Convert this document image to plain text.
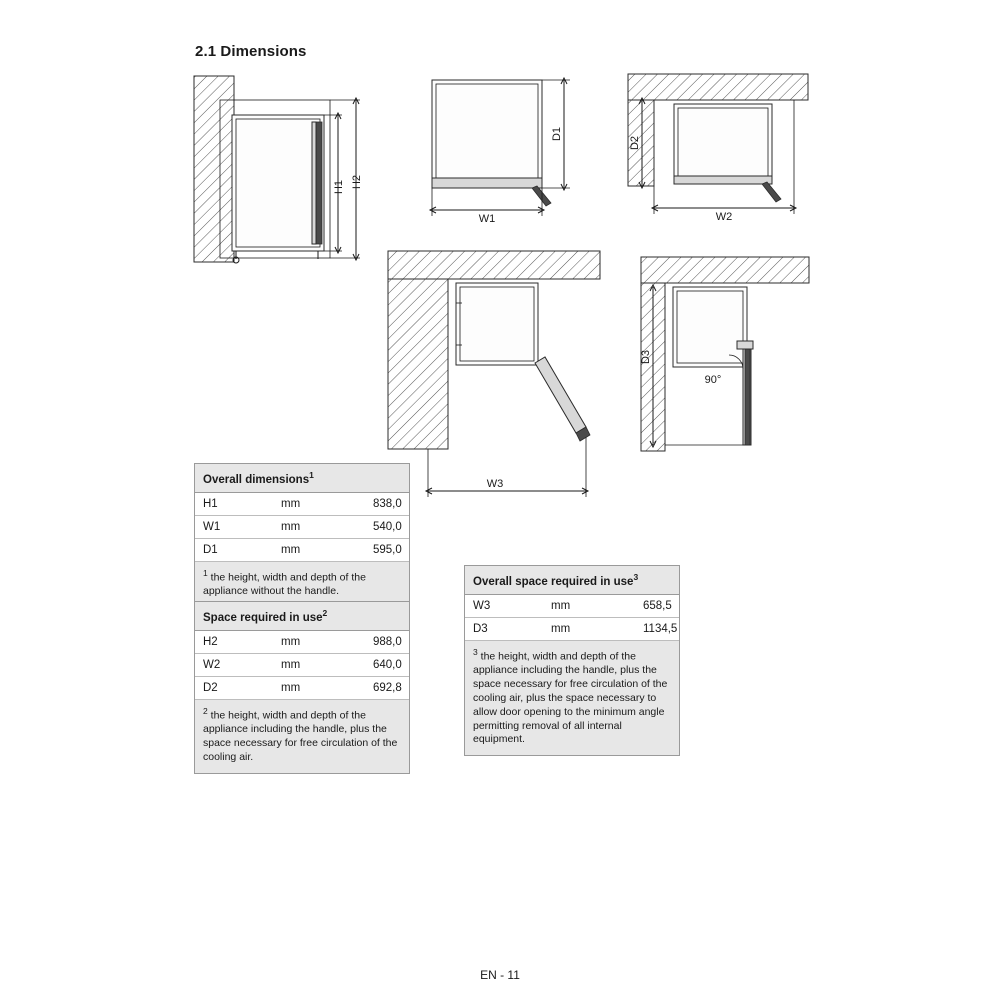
2.1 Dimensions
H1 H2
W1
D1
W2
D2
W3
D3
90°
Overall dimensions$^1$
H1	mm	838,0
W1	mm	540,0
D1	mm	595,0
$^1$ the height, width and depth of the appliance without the handle.
Space required in use$^2$
H2	mm	988,0
W2	mm	640,0
D2	mm	692,8
$^2$ the height, width and depth of the appliance including the handle, plus the space necessary for free circulation of the cooling air.
Overall space required in use$^3$
W3	mm	658,5
D3	mm	1134,5
$^3$ the height, width and depth of the appliance including the handle, plus the space necessary for free circulation of the cooling air, plus the space necessary to allow door opening to the minimum angle permitting removal of all internal equipment.
EN - 11
